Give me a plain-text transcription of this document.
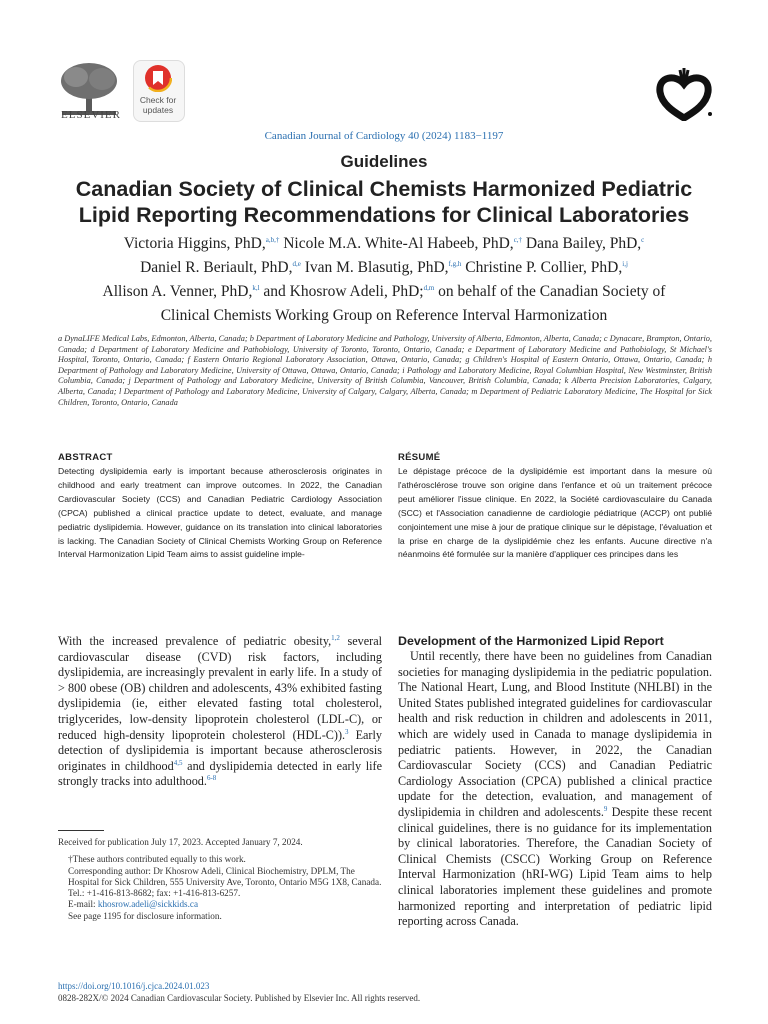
ELSEVIER
Check for updates
Canadian Journal of Cardiology 40 (2024) 1183−1197
Guidelines
Canadian Society of Clinical Chemists Harmonized Pediatric
Lipid Reporting Recommendations for Clinical Laboratories
Victoria Higgins, PhD,$^{a,b,\dagger}$ Nicole M.A. White-Al Habeeb, PhD,$^{c,\dagger}$ Dana Bailey, PhD,$^c$
Daniel R. Beriault, PhD,$^{d,e}$ Ivan M. Blasutig, PhD,$^{f,g,h}$ Christine P. Collier, PhD,$^{i,j}$
Allison A. Venner, PhD,$^{k,l}$ and Khosrow Adeli, PhD;$^{d,m}$ on behalf of the Canadian Society of
Clinical Chemists Working Group on Reference Interval Harmonization
a DynaLIFE Medical Labs, Edmonton, Alberta, Canada; b Department of Laboratory Medicine and Pathology, University of Alberta, Edmonton, Alberta, Canada; c Dynacare, Brampton, Ontario, Canada; d Department of Laboratory Medicine and Pathobiology, University of Toronto, Toronto, Ontario, Canada; e Department of Laboratory Medicine and Pathobiology, St Michael's Hospital, Toronto, Ontario, Canada; f Eastern Ontario Regional Laboratory Association, Ottawa, Ontario, Canada; g Children's Hospital of Eastern Ontario, Ottawa, Ontario, Canada; h Department of Pathology and Laboratory Medicine, University of Ottawa, Ottawa, Ontario, Canada; i Pathology and Laboratory Medicine, Royal Columbian Hospital, New Westminster, British Columbia, Canada; j Department of Pathology and Laboratory Medicine, University of British Columbia, Vancouver, British Columbia, Canada; k Alberta Precision Laboratories, Calgary, Alberta, Canada; l Department of Pathology and Laboratory Medicine, University of Calgary, Calgary, Alberta, Canada; m Department of Pediatric Laboratory Medicine, The Hospital for Sick Children, Toronto, Ontario, Canada
ABSTRACT
Detecting dyslipidemia early is important because atherosclerosis originates in childhood and early treatment can improve outcomes. In 2022, the Canadian Cardiovascular Society (CCS) and Canadian Pediatric Cardiology Association (CPCA) published a clinical practice update to detect, evaluate, and manage pediatric dyslipidemia. However, guidance on its translation into clinical laboratories is lacking. The Canadian Society of Clinical Chemists Working Group on Reference Interval Harmonization Lipid Team aims to assist guideline imple-
RÉSUMÉ
Le dépistage précoce de la dyslipidémie est important dans la mesure où l'athérosclérose trouve son origine dans l'enfance et où un traitement précoce peut améliorer l'issue clinique. En 2022, la Société cardiovasculaire du Canada (SCC) et l'Association canadienne de cardiologie pédiatrique (ACCP) ont publié conjointement une mise à jour de pratique clinique sur le dépistage, l'évaluation et la prise en charge de la dyslipidémie chez les enfants. Aucune directive n'a néanmoins été formulée sur la manière d'appliquer ces principes dans les
With the increased prevalence of pediatric obesity,$^{1,2}$ several cardiovascular disease (CVD) risk factors, including dyslipidemia, are increasingly prevalent in early life. In a study of > 800 obese (OB) children and adolescents, 43% exhibited fasting dyslipidemia (ie, either elevated fasting total cholesterol, triglycerides, low-density lipoprotein cholesterol (LDL-C), or reduced high-density lipoprotein cholesterol (HDL-C)).$^3$ Early detection of dyslipidemia is important because atherosclerosis originates in childhood$^{4,5}$ and dyslipidemia detected in early life strongly tracks into adulthood.$^{6-8}$
Received for publication July 17, 2023. Accepted January 7, 2024.
†These authors contributed equally to this work.
Corresponding author: Dr Khosrow Adeli, Clinical Biochemistry, DPLM, The Hospital for Sick Children, 555 University Ave, Toronto, Ontario M5G 1X8, Canada. Tel.: +1-416-813-8682; fax: +1-416-813-6257.
E-mail: khosrow.adeli@sickkids.ca
See page 1195 for disclosure information.
Development of the Harmonized Lipid Report
Until recently, there have been no guidelines from Canadian societies for managing dyslipidemia in the pediatric population. The National Heart, Lung, and Blood Institute (NHLBI) in the United States published integrated guidelines for cardiovascular health and risk reduction in children and adolescents in 2011, which are widely used in Canada to manage dyslipidemia in pediatric patients. However, in 2022, the Canadian Cardiovascular Society (CCS) and Canadian Pediatric Cardiology Association (CPCA) published a clinical practice update for the detection, evaluation, and management of dyslipidemia in children and adolescents.$^9$ Despite these recent clinical guidelines, there is no guidance for its implementation by clinical laboratories. Therefore, the Canadian Society of Clinical Chemists (CSCC) Working Group on Reference Interval Harmonization (hRI-WG) Lipid Team aims to help clinical laboratories implement these guidelines and promote harmonized reporting and interpretation of pediatric lipid reporting across Canada.
https://doi.org/10.1016/j.cjca.2024.01.023
0828-282X/© 2024 Canadian Cardiovascular Society. Published by Elsevier Inc. All rights reserved.
